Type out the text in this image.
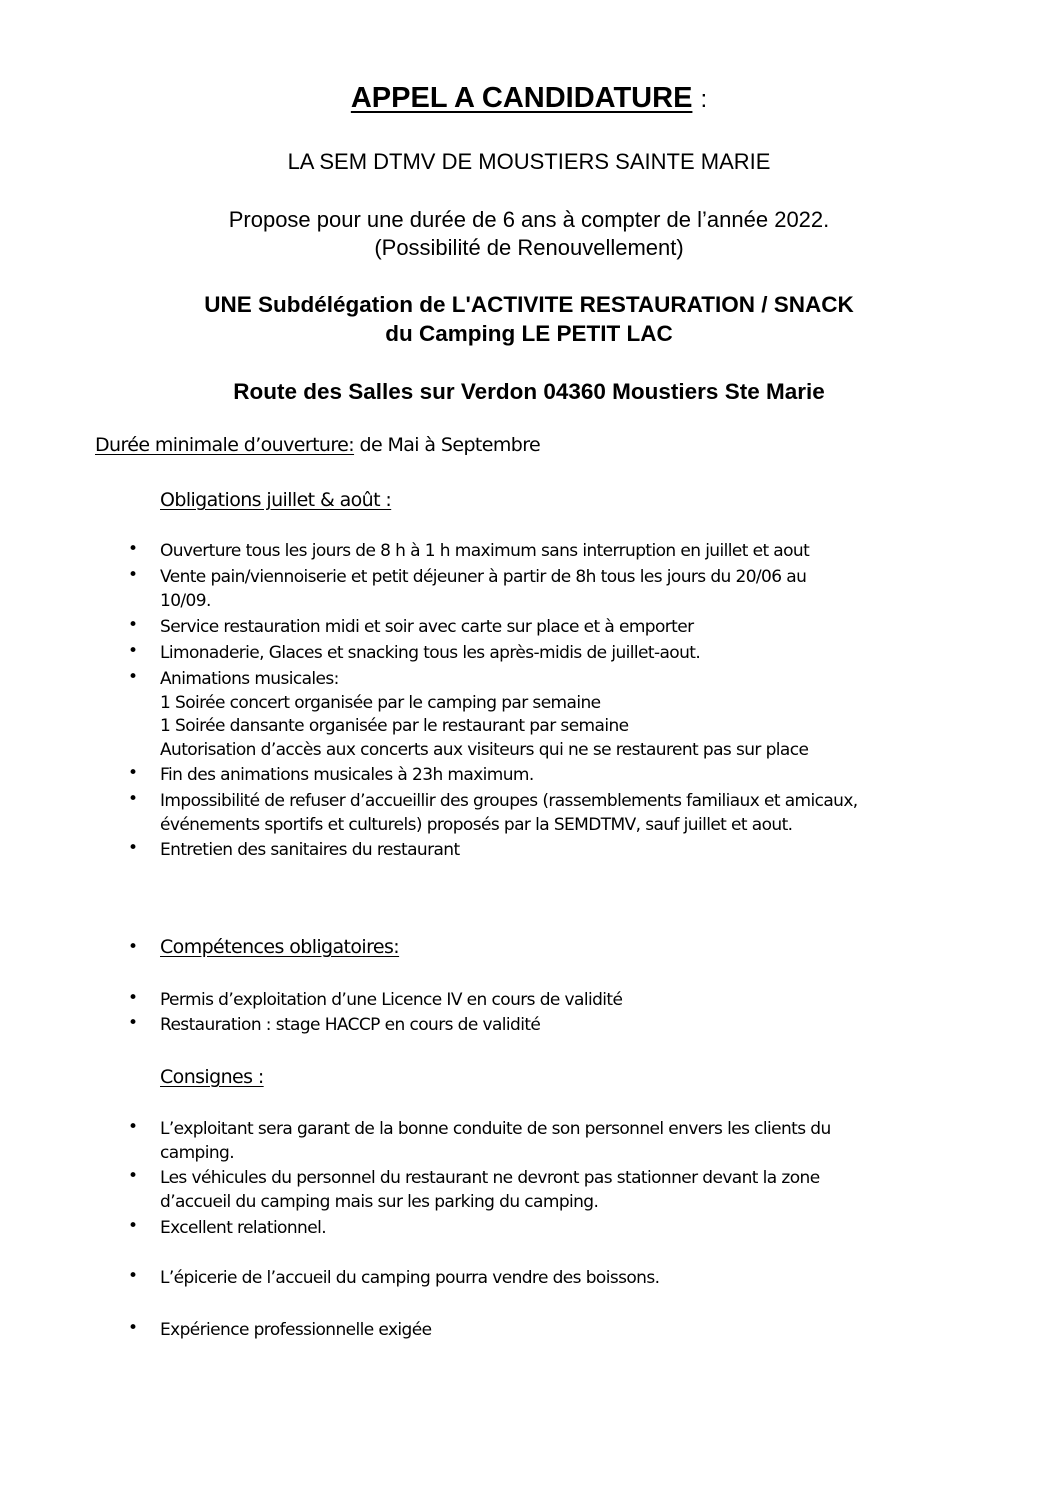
APPEL A CANDIDATURE :
LA SEM DTMV DE MOUSTIERS SAINTE MARIE
Propose pour une durée de 6 ans à compter de l’année 2022.
(Possibilité de Renouvellement)
UNE Subdélégation de L'ACTIVITE RESTAURATION / SNACK
du Camping LE PETIT LAC
Route des Salles sur Verdon 04360 Moustiers Ste Marie
Durée minimale d’ouverture: de Mai à Septembre
Obligations juillet & août :
• Ouverture tous les jours de 8 h à 1 h maximum sans interruption en juillet et aout
• Vente pain/viennoiserie et petit déjeuner à partir de 8h tous les jours du 20/06 au
10/09.
• Service restauration midi et soir avec carte sur place et à emporter
• Limonaderie, Glaces et snacking tous les après-midis de juillet-aout.
• Animations musicales:
1 Soirée concert organisée par le camping par semaine
1 Soirée dansante organisée par le restaurant par semaine
Autorisation d’accès aux concerts aux visiteurs qui ne se restaurent pas sur place
• Fin des animations musicales à 23h maximum.
• Impossibilité de refuser d’accueillir des groupes (rassemblements familiaux et amicaux,
événements sportifs et culturels) proposés par la SEMDTMV, sauf juillet et aout.
• Entretien des sanitaires du restaurant
• Compétences obligatoires:
• Permis d’exploitation d’une Licence IV en cours de validité
• Restauration : stage HACCP en cours de validité
Consignes :
• L’exploitant sera garant de la bonne conduite de son personnel envers les clients du
camping.
• Les véhicules du personnel du restaurant ne devront pas stationner devant la zone
d’accueil du camping mais sur les parking du camping.
• Excellent relationnel.
• L’épicerie de l’accueil du camping pourra vendre des boissons.
• Expérience professionnelle exigée
